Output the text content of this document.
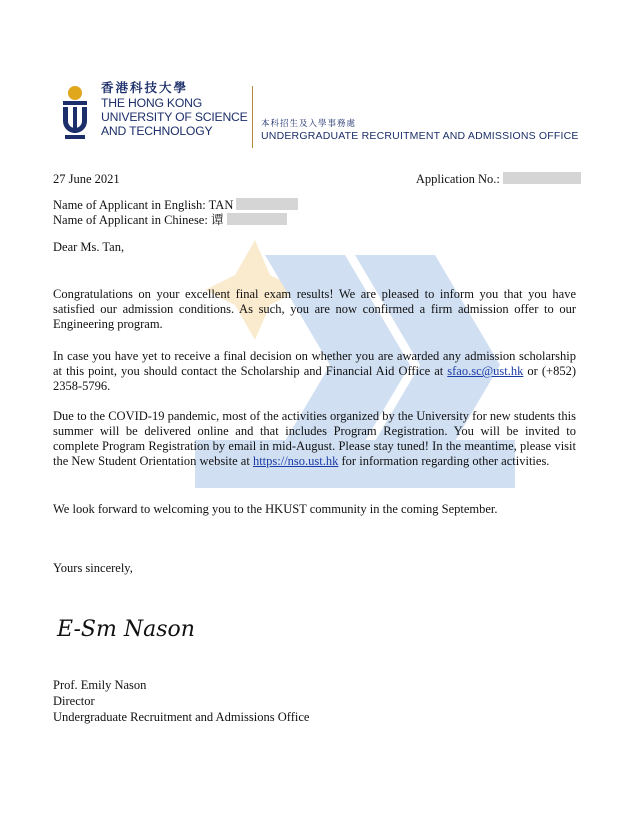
香港科技大學
THE HONG KONG
UNIVERSITY OF SCIENCE
AND TECHNOLOGY
本科招生及入學事務處
UNDERGRADUATE RECRUITMENT AND ADMISSIONS OFFICE
27 June 2021	Application No.:
Name of Applicant in English: TAN
Name of Applicant in Chinese: 谭
Dear Ms. Tan,
Congratulations on your excellent final exam results! We are pleased to inform you that you have satisfied our admission conditions. As such, you are now confirmed a firm admission offer to our Engineering program.
In case you have yet to receive a final decision on whether you are awarded any admission scholarship at this point, you should contact the Scholarship and Financial Aid Office at sfao.sc@ust.hk or (+852) 2358-5796.
Due to the COVID-19 pandemic, most of the activities organized by the University for new students this summer will be delivered online and that includes Program Registration. You will be invited to complete Program Registration by email in mid-August. Please stay tuned! In the meantime, please visit the New Student Orientation website at https://nso.ust.hk for information regarding other activities.
We look forward to welcoming you to the HKUST community in the coming September.
Yours sincerely,
E-Sm Nason
Prof. Emily Nason
Director
Undergraduate Recruitment and Admissions Office
